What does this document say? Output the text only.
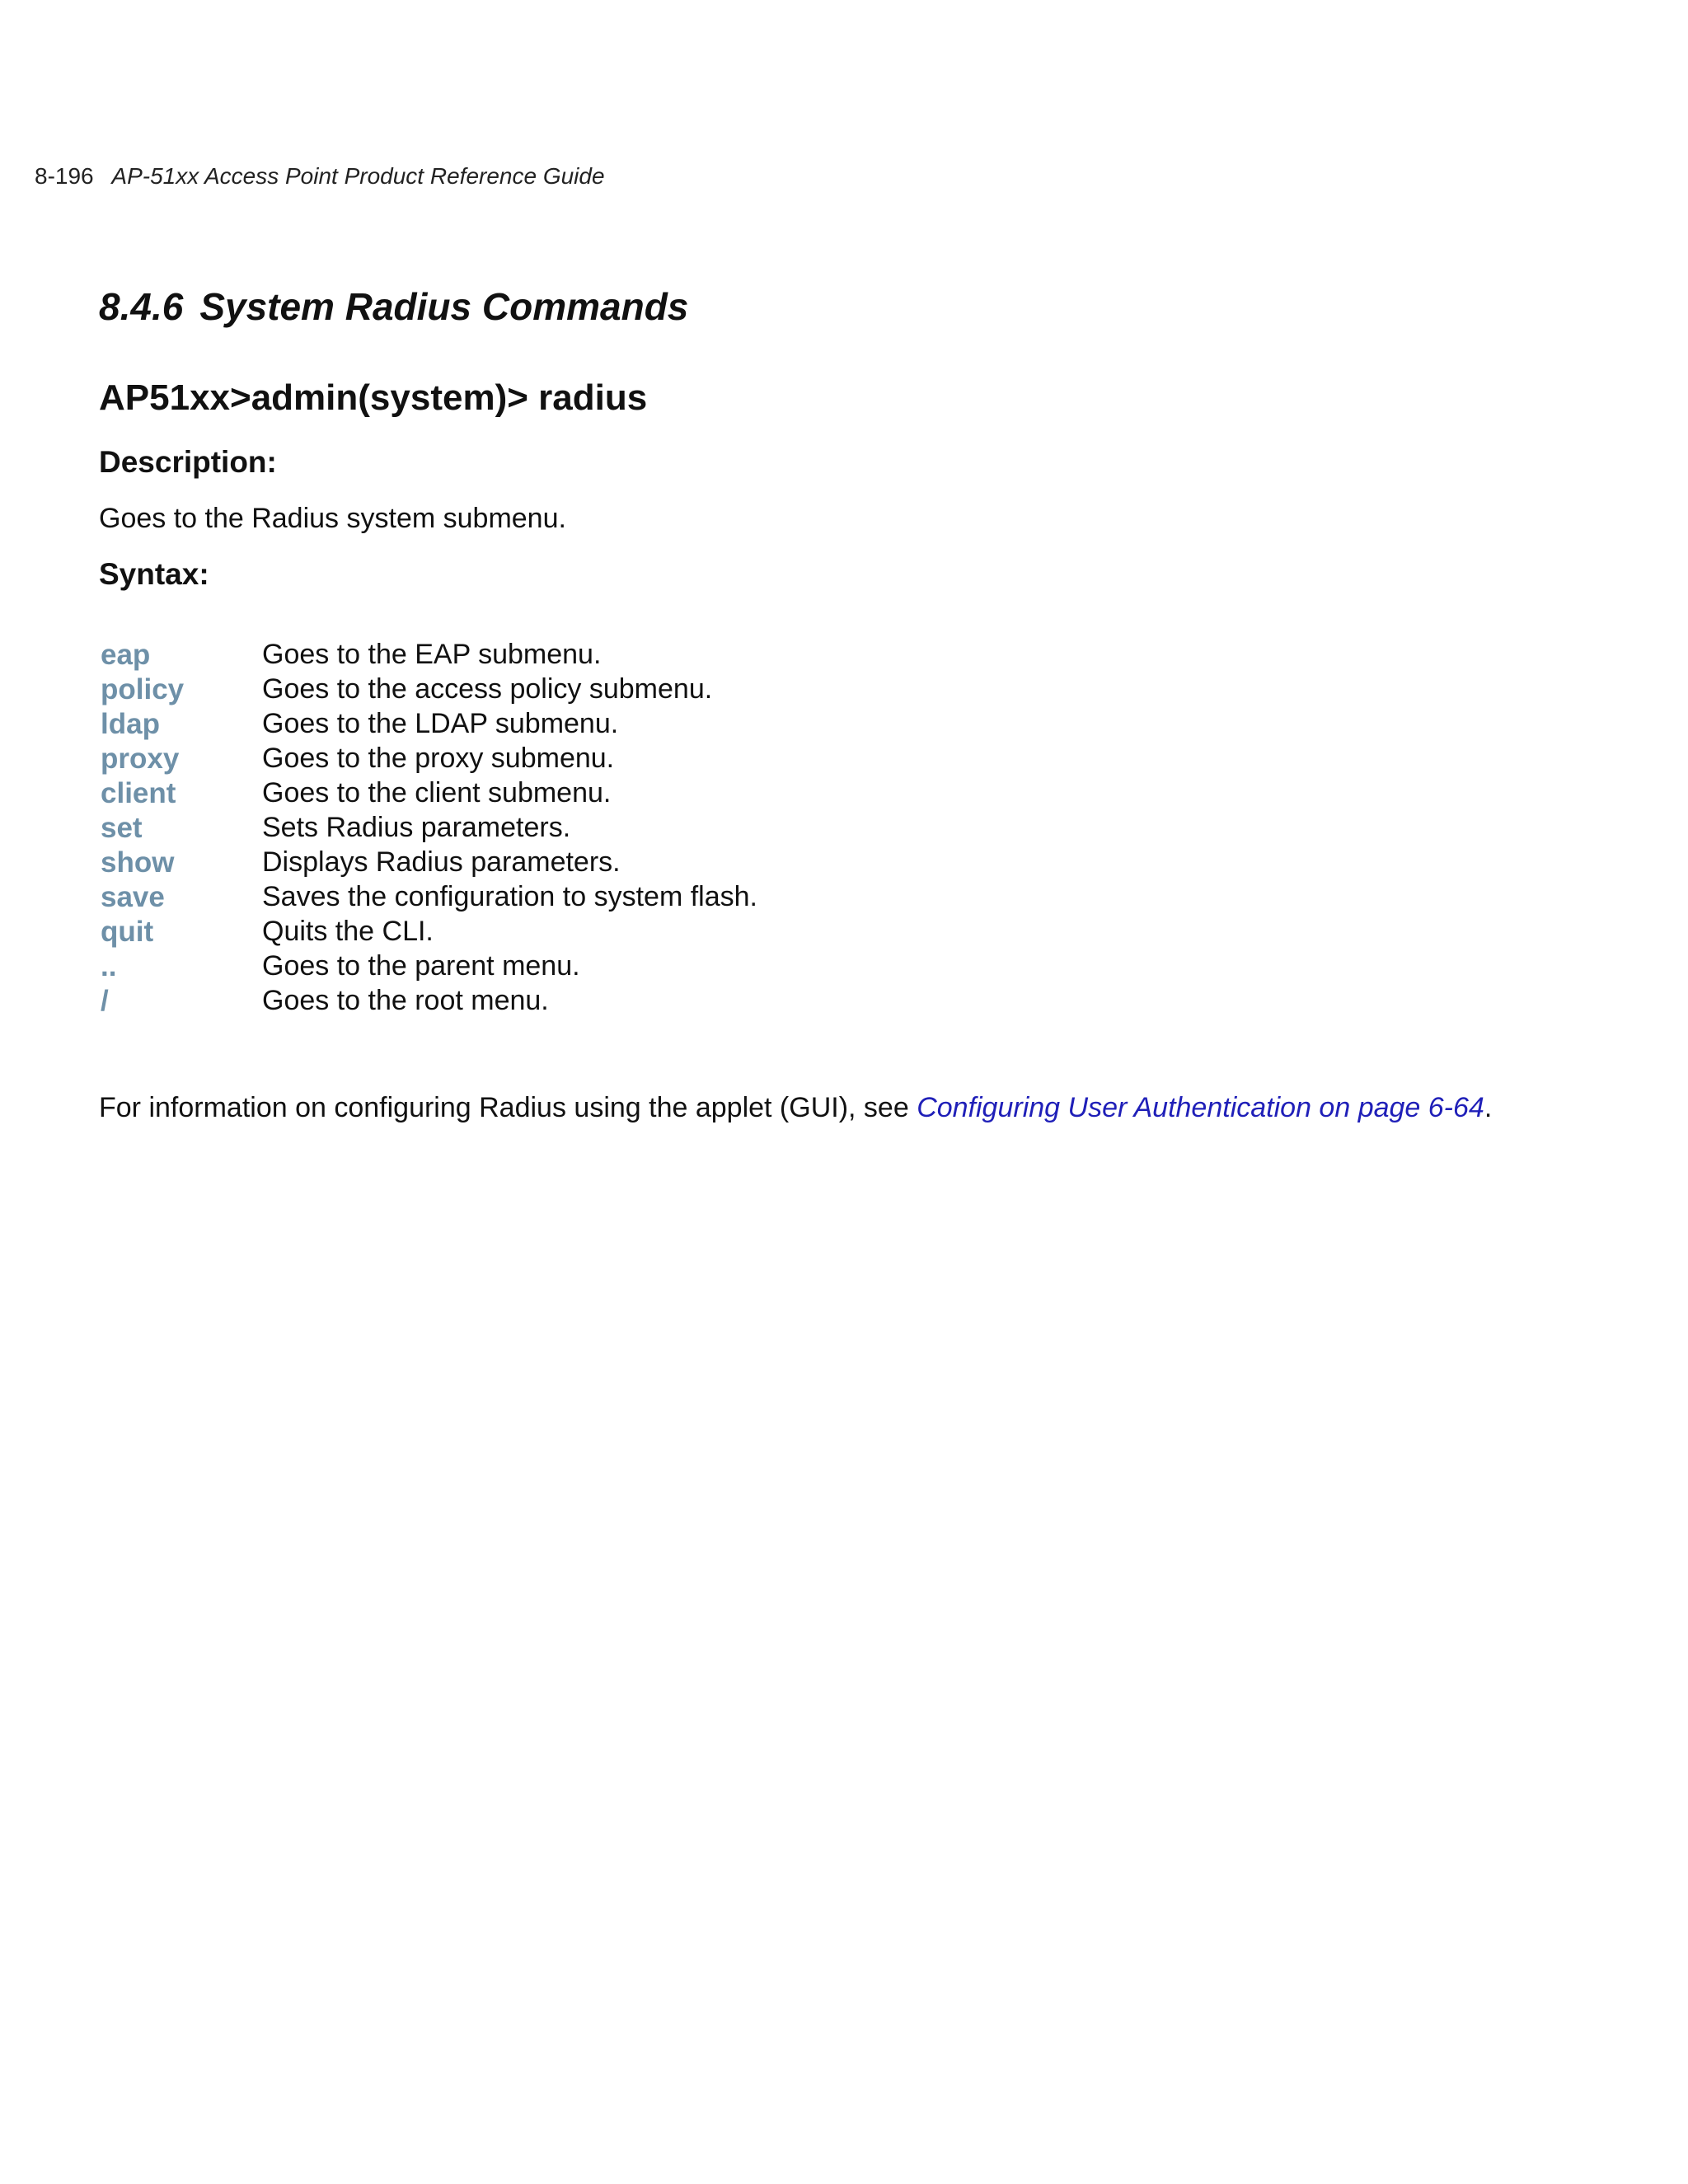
8-196 AP-51xx Access Point Product Reference Guide
8.4.6 System Radius Commands
AP51xx>admin(system)> radius
Description:

Goes to the Radius system submenu.

Syntax:
eap	Goes to the EAP submenu.
policy	Goes to the access policy submenu.
ldap	Goes to the LDAP submenu.
proxy	Goes to the proxy submenu.
client	Goes to the client submenu.
set	Sets Radius parameters.
show	Displays Radius parameters.
save	Saves the configuration to system flash.
quit	Quits the CLI.
..	Goes to the parent menu.
/	Goes to the root menu.

For information on configuring Radius using the applet (GUI), see Configuring User Authentication on page 6-64.
